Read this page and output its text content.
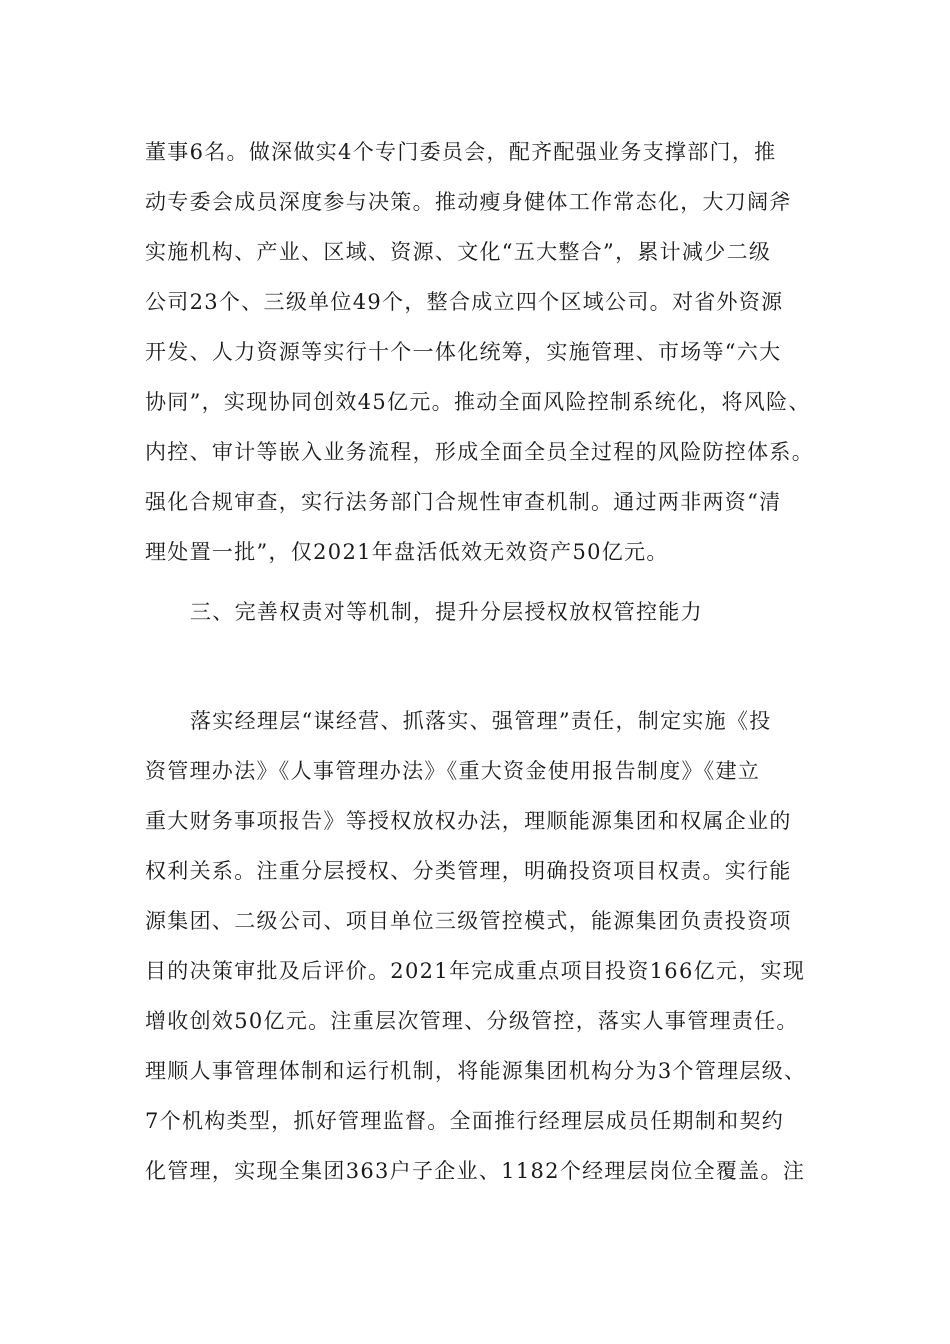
董事6名。做深做实4个专门委员会，配齐配强业务支撑部门，推
动专委会成员深度参与决策。推动瘦身健体工作常态化，大刀阔斧
实施机构、产业、区域、资源、文化“五大整合”，累计减少二级
公司23个、三级单位49个，整合成立四个区域公司。对省外资源
开发、人力资源等实行十个一体化统筹，实施管理、市场等“六大
协同”，实现协同创效45亿元。推动全面风险控制系统化，将风险、
内控、审计等嵌入业务流程，形成全面全员全过程的风险防控体系。
强化合规审查，实行法务部门合规性审查机制。通过两非两资“清
理处置一批”，仅2021年盘活低效无效资产50亿元。
三、完善权责对等机制，提升分层授权放权管控能力
落实经理层“谋经营、抓落实、强管理”责任，制定实施《投
资管理办法》《人事管理办法》《重大资金使用报告制度》《建立
重大财务事项报告》等授权放权办法，理顺能源集团和权属企业的
权利关系。注重分层授权、分类管理，明确投资项目权责。实行能
源集团、二级公司、项目单位三级管控模式，能源集团负责投资项
目的决策审批及后评价。2021年完成重点项目投资166亿元，实现
增收创效50亿元。注重层次管理、分级管控，落实人事管理责任。
理顺人事管理体制和运行机制，将能源集团机构分为3个管理层级、
7个机构类型，抓好管理监督。全面推行经理层成员任期制和契约
化管理，实现全集团363户子企业、1182个经理层岗位全覆盖。注
